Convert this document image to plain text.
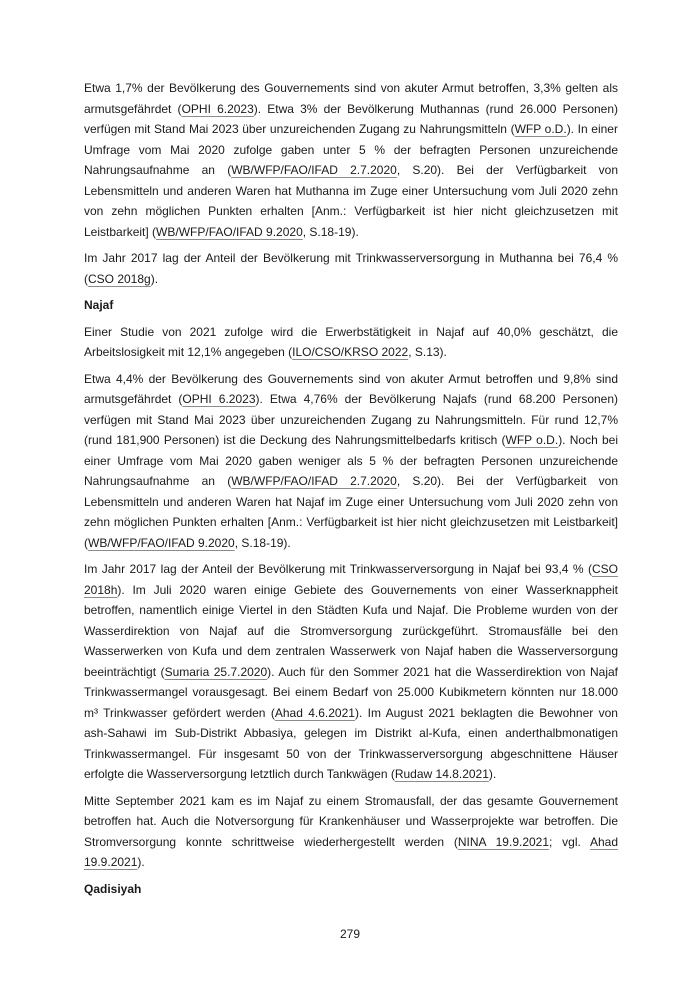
Etwa 1,7% der Bevölkerung des Gouvernements sind von akuter Armut betroffen, 3,3% gelten als armutsgefährdet (OPHI 6.2023). Etwa 3% der Bevölkerung Muthannas (rund 26.000 Personen) verfügen mit Stand Mai 2023 über unzureichenden Zugang zu Nahrungsmitteln (WFP o.D.). In einer Umfrage vom Mai 2020 zufolge gaben unter 5 % der befragten Personen unzureichende Nahrungsaufnahme an (WB/WFP/FAO/IFAD 2.7.2020, S.20). Bei der Verfügbarkeit von Lebensmitteln und anderen Waren hat Muthanna im Zuge einer Untersuchung vom Juli 2020 zehn von zehn möglichen Punkten erhalten [Anm.: Verfügbarkeit ist hier nicht gleichzusetzen mit Leistbarkeit] (WB/WFP/FAO/IFAD 9.2020, S.18-19).

Im Jahr 2017 lag der Anteil der Bevölkerung mit Trinkwasserversorgung in Muthanna bei 76,4 % (CSO 2018g).

Najaf

Einer Studie von 2021 zufolge wird die Erwerbstätigkeit in Najaf auf 40,0% geschätzt, die Arbeitslosigkeit mit 12,1% angegeben (ILO/CSO/KRSO 2022, S.13).

Etwa 4,4% der Bevölkerung des Gouvernements sind von akuter Armut betroffen und 9,8% sind armutsgefährdet (OPHI 6.2023). Etwa 4,76% der Bevölkerung Najafs (rund 68.200 Personen) verfügen mit Stand Mai 2023 über unzureichenden Zugang zu Nahrungsmitteln. Für rund 12,7% (rund 181,900 Personen) ist die Deckung des Nahrungsmittelbedarfs kritisch (WFP o.D.). Noch bei einer Umfrage vom Mai 2020 gaben weniger als 5 % der befragten Personen unzureichende Nahrungsaufnahme an (WB/WFP/FAO/IFAD 2.7.2020, S.20). Bei der Verfügbarkeit von Lebensmitteln und anderen Waren hat Najaf im Zuge einer Untersuchung vom Juli 2020 zehn von zehn möglichen Punkten erhalten [Anm.: Verfügbarkeit ist hier nicht gleichzusetzen mit Leistbarkeit] (WB/WFP/FAO/IFAD 9.2020, S.18-19).

Im Jahr 2017 lag der Anteil der Bevölkerung mit Trinkwasserversorgung in Najaf bei 93,4 % (CSO 2018h). Im Juli 2020 waren einige Gebiete des Gouvernements von einer Wasserknappheit betroffen, namentlich einige Viertel in den Städten Kufa und Najaf. Die Probleme wurden von der Wasserdirektion von Najaf auf die Stromversorgung zurückgeführt. Stromausfälle bei den Wasserwerken von Kufa und dem zentralen Wasserwerk von Najaf haben die Wasserversorgung beeinträchtigt (Sumaria 25.7.2020). Auch für den Sommer 2021 hat die Wasserdirektion von Najaf Trinkwassermangel vorausgesagt. Bei einem Bedarf von 25.000 Kubikmetern könnten nur 18.000 m³ Trinkwasser gefördert werden (Ahad 4.6.2021). Im August 2021 beklagten die Bewohner von ash-Sahawi im Sub-Distrikt Abbasiya, gelegen im Distrikt al-Kufa, einen anderthalbmonatigen Trinkwassermangel. Für insgesamt 50 von der Trinkwasserversorgung abgeschnittene Häuser erfolgte die Wasserversorgung letztlich durch Tankwägen (Rudaw 14.8.2021).

Mitte September 2021 kam es im Najaf zu einem Stromausfall, der das gesamte Gouvernement betroffen hat. Auch die Notversorgung für Krankenhäuser und Wasserprojekte war betroffen. Die Stromversorgung konnte schrittweise wiederhergestellt werden (NINA 19.9.2021; vgl. Ahad 19.9.2021).

Qadisiyah
279
